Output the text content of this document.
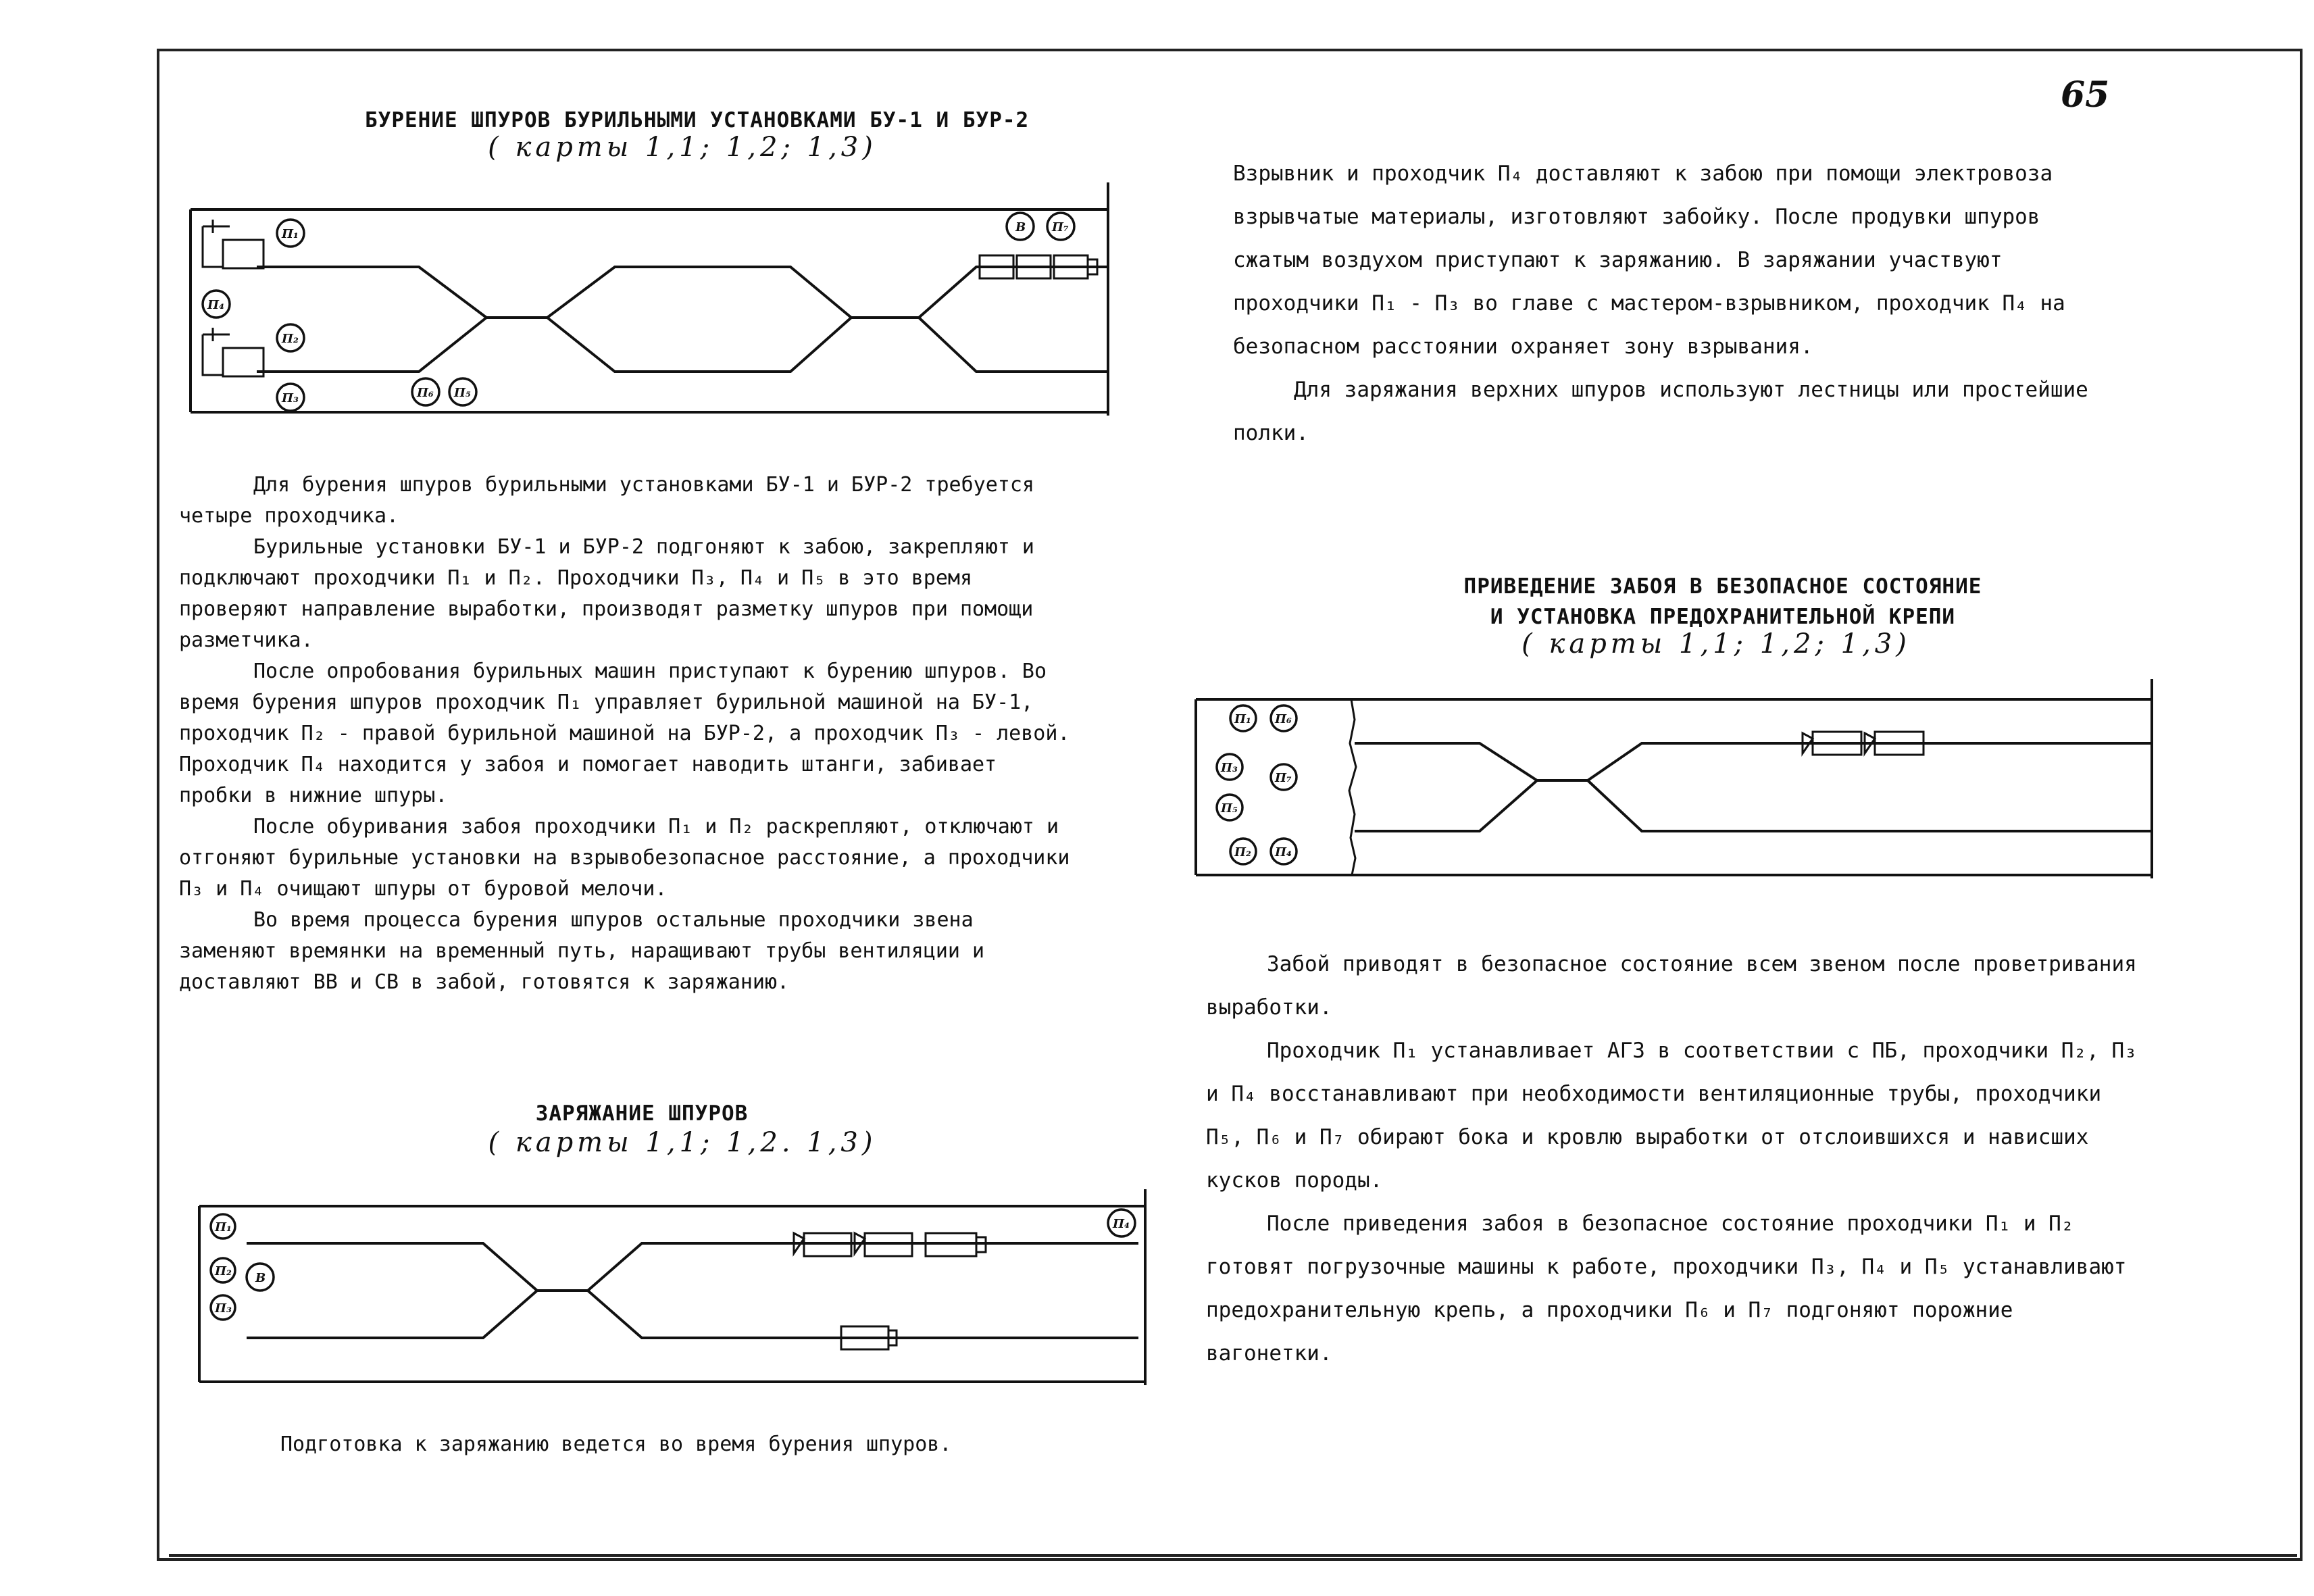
65
БУРЕНИЕ ШПУРОВ БУРИЛЬНЫМИ УСТАНОВКАМИ БУ-1 И БУР-2
( карты 1,1; 1,2; 1,3)
П₁
П₄
П₂
П₃	П₆ П₅
В П₇

Для бурения шпуров бурильными установками БУ-1 и БУР-2 требуется четыре проходчика.

Бурильные установки БУ-1 и БУР-2 подгоняют к забою, закрепляют и подключают проходчики П₁ и П₂. Проходчики П₃, П₄ и П₅ в это время проверяют направление выработки, производят разметку шпуров при помощи разметчика.

После опробования бурильных машин приступают к бурению шпуров. Во время бурения шпуров проходчик П₁ управляет бурильной машиной на БУ-1, проходчик П₂ - правой бурильной машиной на БУР-2, а проходчик П₃ - левой. Проходчик П₄ находится у забоя и помогает наводить штанги, забивает пробки в нижние шпуры.

После обуривания забоя проходчики П₁ и П₂ раскрепляют, отключают и отгоняют бурильные установки на взрывобезопасное расстояние, а проходчики П₃ и П₄ очищают шпуры от буровой мелочи.

Во время процесса бурения шпуров остальные проходчики звена заменяют времянки на временный путь, наращивают трубы вентиляции и доставляют ВВ и СВ в забой, готовятся к заряжанию.

ЗАРЯЖАНИЕ ШПУРОВ
( карты 1,1; 1,2. 1,3)
П₁
П₂ В
П₃
П₄
Подготовка к заряжанию ведется во время бурения шпуров.

Взрывник и проходчик П₄ доставляют к забою при помощи электровоза взрывчатые материалы, изготовляют забойку. После продувки шпуров сжатым воздухом приступают к заряжанию. В заряжании участвуют проходчики П₁ - П₃ во главе с мастером-взрывником, проходчик П₄ на безопасном расстоянии охраняет зону взрывания.

Для заряжания верхних шпуров используют лестницы или простейшие полки.

ПРИВЕДЕНИЕ ЗАБОЯ В БЕЗОПАСНОЕ СОСТОЯНИЕ
И УСТАНОВКА ПРЕДОХРАНИТЕЛЬНОЙ КРЕПИ
( карты 1,1; 1,2; 1,3)
П₁ П₆
П₃
П₇
П₅
П₂ П₄

Забой приводят в безопасное состояние всем звеном после проветривания выработки.

Проходчик П₁ устанавливает АГЗ в соответствии с ПБ, проходчики П₂, П₃ и П₄ восстанавливают при необходимости вентиляционные трубы, проходчики П₅, П₆ и П₇ обирают бока и кровлю выработки от отслоившихся и нависших кусков породы.

После приведения забоя в безопасное состояние проходчики П₁ и П₂ готовят погрузочные машины к работе, проходчики П₃, П₄ и П₅ устанавливают предохранительную крепь, а проходчики П₆ и П₇ подгоняют порожние вагонетки.
